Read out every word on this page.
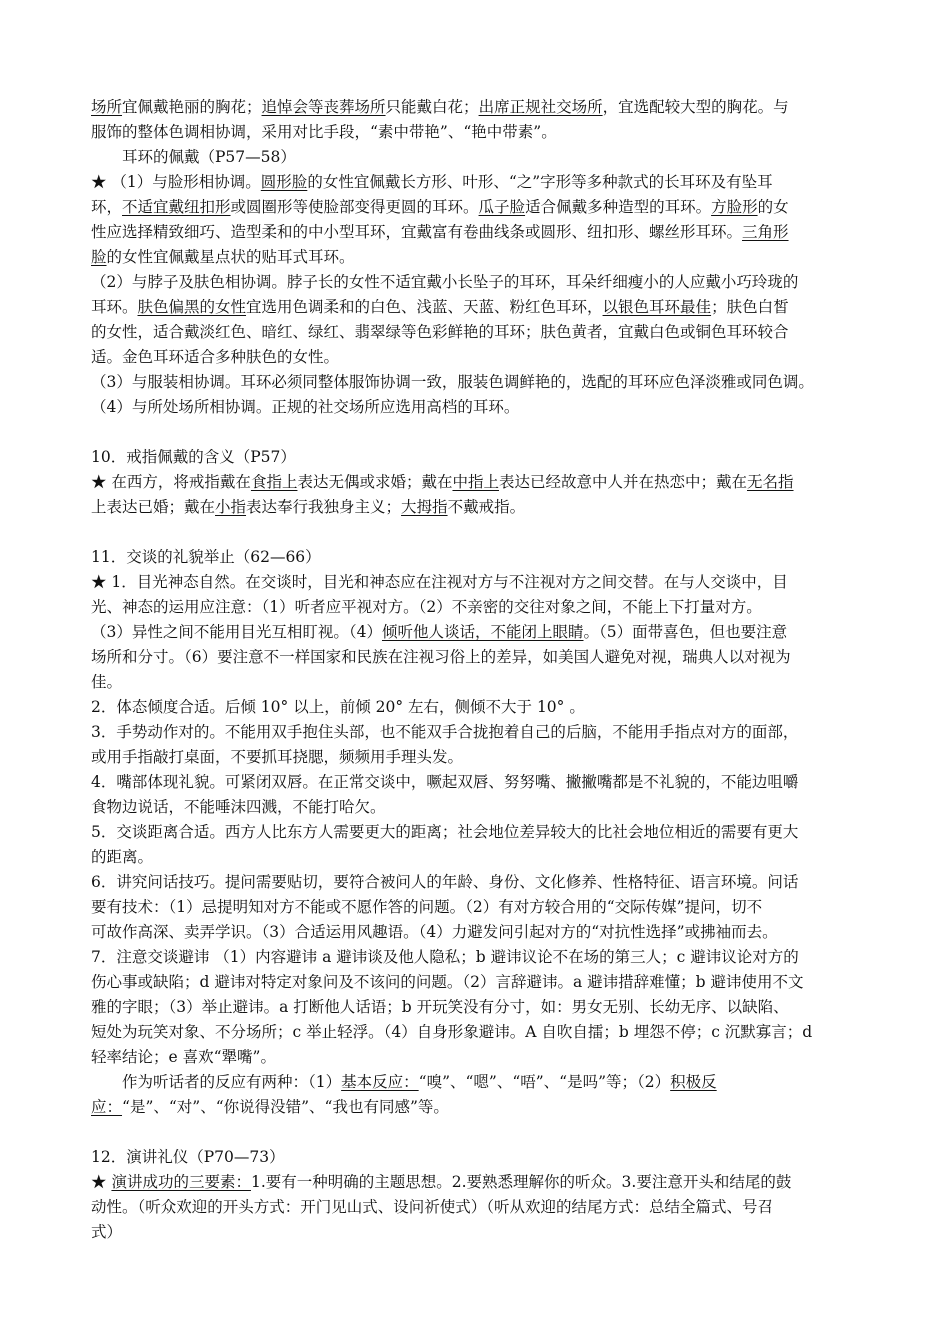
场所宜佩戴艳丽的胸花；追悼会等丧葬场所只能戴白花；出席正规社交场所，宜选配较大型的胸花。与
服饰的整体色调相协调，采用对比手段，“素中带艳”、“艳中带素”。
耳环的佩戴（P57—58）
★ （1）与脸形相协调。圆形脸的女性宜佩戴长方形、叶形、“之”字形等多种款式的长耳环及有坠耳
环，不适宜戴纽扣形或圆圈形等使脸部变得更圆的耳环。瓜子脸适合佩戴多种造型的耳环。方脸形的女
性应选择精致细巧、造型柔和的中小型耳环，宜戴富有卷曲线条或圆形、纽扣形、螺丝形耳环。三角形
脸的女性宜佩戴星点状的贴耳式耳环。
（2）与脖子及肤色相协调。脖子长的女性不适宜戴小长坠子的耳环，耳朵纤细瘦小的人应戴小巧玲珑的
耳环。肤色偏黑的女性宜选用色调柔和的白色、浅蓝、天蓝、粉红色耳环，以银色耳环最佳；肤色白皙
的女性，适合戴淡红色、暗红、绿红、翡翠绿等色彩鲜艳的耳环；肤色黄者，宜戴白色或铜色耳环较合
适。金色耳环适合多种肤色的女性。
（3）与服装相协调。耳环必须同整体服饰协调一致，服装色调鲜艳的，选配的耳环应色泽淡雅或同色调。
（4）与所处场所相协调。正规的社交场所应选用高档的耳环。
10．戒指佩戴的含义（P57）
★ 在西方，将戒指戴在食指上表达无偶或求婚；戴在中指上表达已经故意中人并在热恋中；戴在无名指
上表达已婚；戴在小指表达奉行我独身主义；大拇指不戴戒指。
11．交谈的礼貌举止（62—66）
★ 1．目光神态自然。在交谈时，目光和神态应在注视对方与不注视对方之间交替。在与人交谈中，目
光、神态的运用应注意：（1）听者应平视对方。（2）不亲密的交往对象之间，不能上下打量对方。
（3）异性之间不能用目光互相盯视。（4）倾听他人谈话，不能闭上眼睛。（5）面带喜色，但也要注意
场所和分寸。（6）要注意不一样国家和民族在注视习俗上的差异，如美国人避免对视，瑞典人以对视为
佳。
2．体态倾度合适。后倾 10° 以上，前倾 20° 左右，侧倾不大于 10° 。
3．手势动作对的。不能用双手抱住头部，也不能双手合拢抱着自己的后脑，不能用手指点对方的面部，
或用手指敲打桌面，不要抓耳挠腮，频频用手理头发。
4．嘴部体现礼貌。可紧闭双唇。在正常交谈中，噘起双唇、努努嘴、撇撇嘴都是不礼貌的，不能边咀嚼
食物边说话，不能唾沫四溅，不能打哈欠。
5．交谈距离合适。西方人比东方人需要更大的距离；社会地位差异较大的比社会地位相近的需要有更大
的距离。
6．讲究问话技巧。提问需要贴切，要符合被问人的年龄、身份、文化修养、性格特征、语言环境。问话
要有技术：（1）忌提明知对方不能或不愿作答的问题。（2）有对方较合用的“交际传媒”提问，切不
可故作高深、卖弄学识。（3）合适运用风趣语。（4）力避发问引起对方的“对抗性选择”或拂袖而去。
7．注意交谈避讳 （1）内容避讳 a 避讳谈及他人隐私；b 避讳议论不在场的第三人；c 避讳议论对方的
伤心事或缺陷；d 避讳对特定对象问及不该问的问题。（2）言辞避讳。a 避讳措辞难懂；b 避讳使用不文
雅的字眼；（3）举止避讳。a 打断他人话语；b 开玩笑没有分寸，如：男女无别、长幼无序、以缺陷、
短处为玩笑对象、不分场所；c 举止轻浮。（4）自身形象避讳。A 自吹自擂；b 埋怨不停；c 沉默寡言；d
轻率结论；e 喜欢“犟嘴”。
作为听话者的反应有两种：（1）基本反应：“嗅”、“嗯”、“唔”、“是吗”等；（2）积极反
应：“是”、“对”、“你说得没错”、“我也有同感”等。
12．演讲礼仪（P70—73）
★ 演讲成功的三要素：1.要有一种明确的主题思想。2.要熟悉理解你的听众。3.要注意开头和结尾的鼓
动性。（听众欢迎的开头方式：开门见山式、设问祈使式）（听从欢迎的结尾方式：总结全篇式、号召
式）
